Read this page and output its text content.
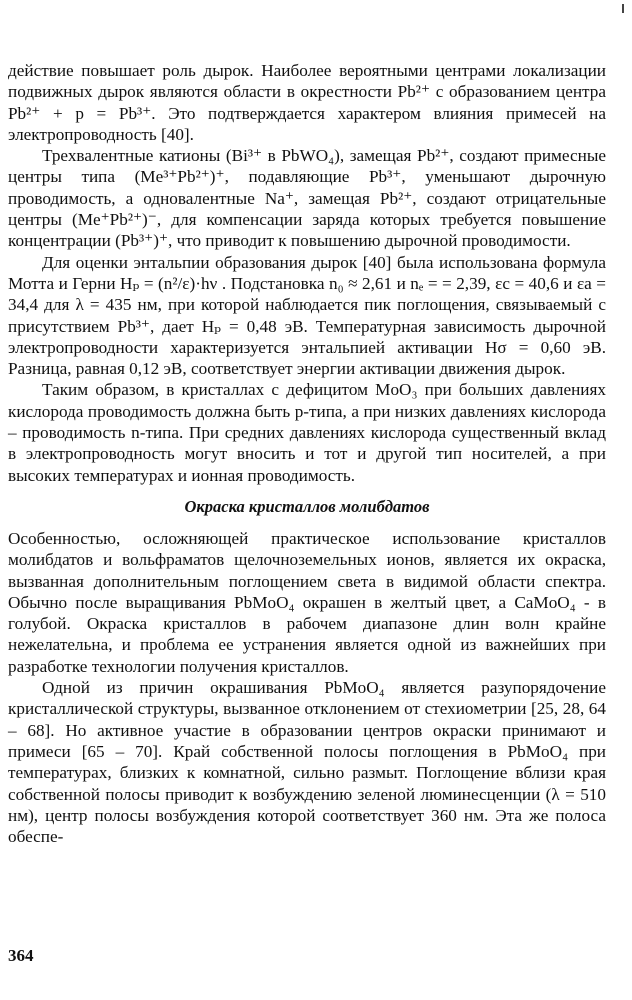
действие повышает роль дырок. Наиболее вероятными центрами локализации подвижных дырок являются области в окрестности Pb²⁺ с образованием центра Pb²⁺ + p = Pb³⁺. Это подтверждается характером влияния примесей на электропроводность [40].

Трехвалентные катионы (Bi³⁺ в PbWO₄), замещая Pb²⁺, создают примесные центры типа (Me³⁺Pb²⁺)⁺, подавляющие Pb³⁺, уменьшают дырочную проводимость, а одновалентные Na⁺, замещая Pb²⁺, создают отрицательные центры (Me⁺Pb²⁺)⁻, для компенсации заряда которых требуется повышение концентрации (Pb³⁺)⁺, что приводит к повышению дырочной проводимости.

Для оценки энтальпии образования дырок [40] была использована формула Мотта и Герни Hₚ = (n²/ε)·hν . Подстановка n₀ ≈ 2,61 и nₑ = = 2,39, εc = 40,6 и εa = 34,4 для λ = 435 нм, при которой наблюдается пик поглощения, связываемый с присутствием Pb³⁺, дает Hₚ = 0,48 эВ. Температурная зависимость дырочной электропроводности характеризуется энтальпией активации Hσ = 0,60 эВ. Разница, равная 0,12 эВ, соответствует энергии активации движения дырок.

Таким образом, в кристаллах с дефицитом MoO₃ при больших давлениях кислорода проводимость должна быть p-типа, а при низких давлениях кислорода – проводимость n-типа. При средних давлениях кислорода существенный вклад в электропроводность могут вносить и тот и другой тип носителей, а при высоких температурах и ионная проводимость.

Окраска кристаллов молибдатов

Особенностью, осложняющей практическое использование кристаллов молибдатов и вольфраматов щелочноземельных ионов, является их окраска, вызванная дополнительным поглощением света в видимой области спектра. Обычно после выращивания PbMoO₄ окрашен в желтый цвет, а CaMoO₄ - в голубой. Окраска кристаллов в рабочем диапазоне длин волн крайне нежелательна, и проблема ее устранения является одной из важнейших при разработке технологии получения кристаллов.

Одной из причин окрашивания PbMoO₄ является разупорядочение кристаллической структуры, вызванное отклонением от стехиометрии [25, 28, 64 – 68]. Но активное участие в образовании центров окраски принимают и примеси [65 – 70]. Край собственной полосы поглощения в PbMoO₄ при температурах, близких к комнатной, сильно размыт. Поглощение вблизи края собственной полосы приводит к возбуждению зеленой люминесценции (λ = 510 нм), центр полосы возбуждения которой соответствует 360 нм. Эта же полоса обеспе-

364
